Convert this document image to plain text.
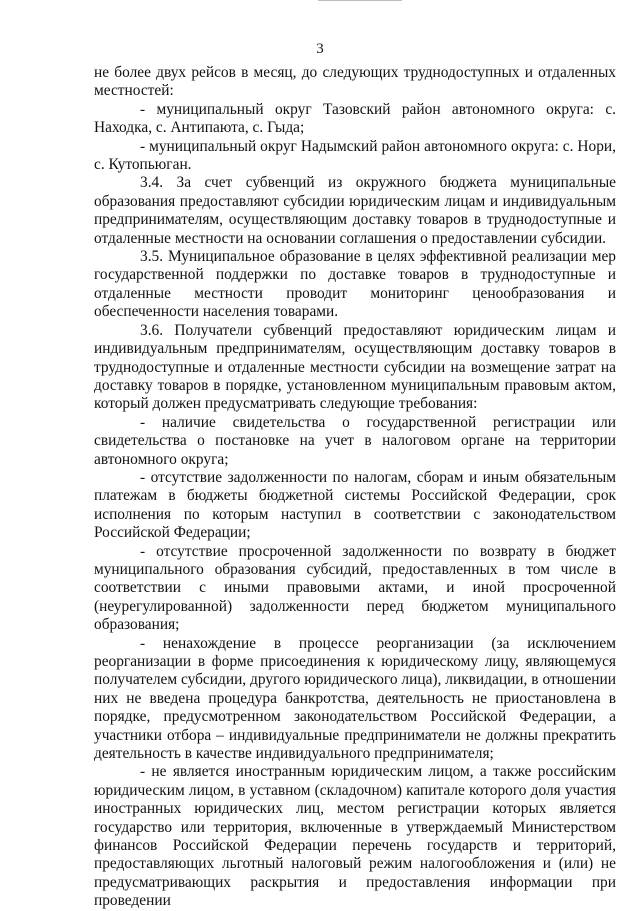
3

не более двух рейсов в месяц, до следующих труднодоступных и отдаленных местностей:

- муниципальный округ Тазовский район автономного округа: с. Находка, с. Антипаюта, с. Гыда;

- муниципальный округ Надымский район автономного округа: с. Нори, с. Кутопьюган.

3.4. За счет субвенций из окружного бюджета муниципальные образования предоставляют субсидии юридическим лицам и индивидуальным предпринимателям, осуществляющим доставку товаров в труднодоступные и отдаленные местности на основании соглашения о предоставлении субсидии.

3.5. Муниципальное образование в целях эффективной реализации мер государственной поддержки по доставке товаров в труднодоступные и отдаленные местности проводит мониторинг ценообразования и обеспеченности населения товарами.

3.6. Получатели субвенций предоставляют юридическим лицам и индивидуальным предпринимателям, осуществляющим доставку товаров в труднодоступные и отдаленные местности субсидии на возмещение затрат на доставку товаров в порядке, установленном муниципальным правовым актом, который должен предусматривать следующие требования:

- наличие свидетельства о государственной регистрации или свидетельства о постановке на учет в налоговом органе на территории автономного округа;

- отсутствие задолженности по налогам, сборам и иным обязательным платежам в бюджеты бюджетной системы Российской Федерации, срок исполнения по которым наступил в соответствии с законодательством Российской Федерации;

- отсутствие просроченной задолженности по возврату в бюджет муниципального образования субсидий, предоставленных в том числе в соответствии с иными правовыми актами, и иной просроченной (неурегулированной) задолженности перед бюджетом муниципального образования;

- ненахождение в процессе реорганизации (за исключением реорганизации в форме присоединения к юридическому лицу, являющемуся получателем субсидии, другого юридического лица), ликвидации, в отношении них не введена процедура банкротства, деятельность не приостановлена в порядке, предусмотренном законодательством Российской Федерации, а участники отбора – индивидуальные предприниматели не должны прекратить деятельность в качестве индивидуального предпринимателя;

- не является иностранным юридическим лицом, а также российским юридическим лицом, в уставном (складочном) капитале которого доля участия иностранных юридических лиц, местом регистрации которых является государство или территория, включенные в утверждаемый Министерством финансов Российской Федерации перечень государств и территорий, предоставляющих льготный налоговый режим налогообложения и (или) не предусматривающих раскрытия и предоставления информации при проведении
